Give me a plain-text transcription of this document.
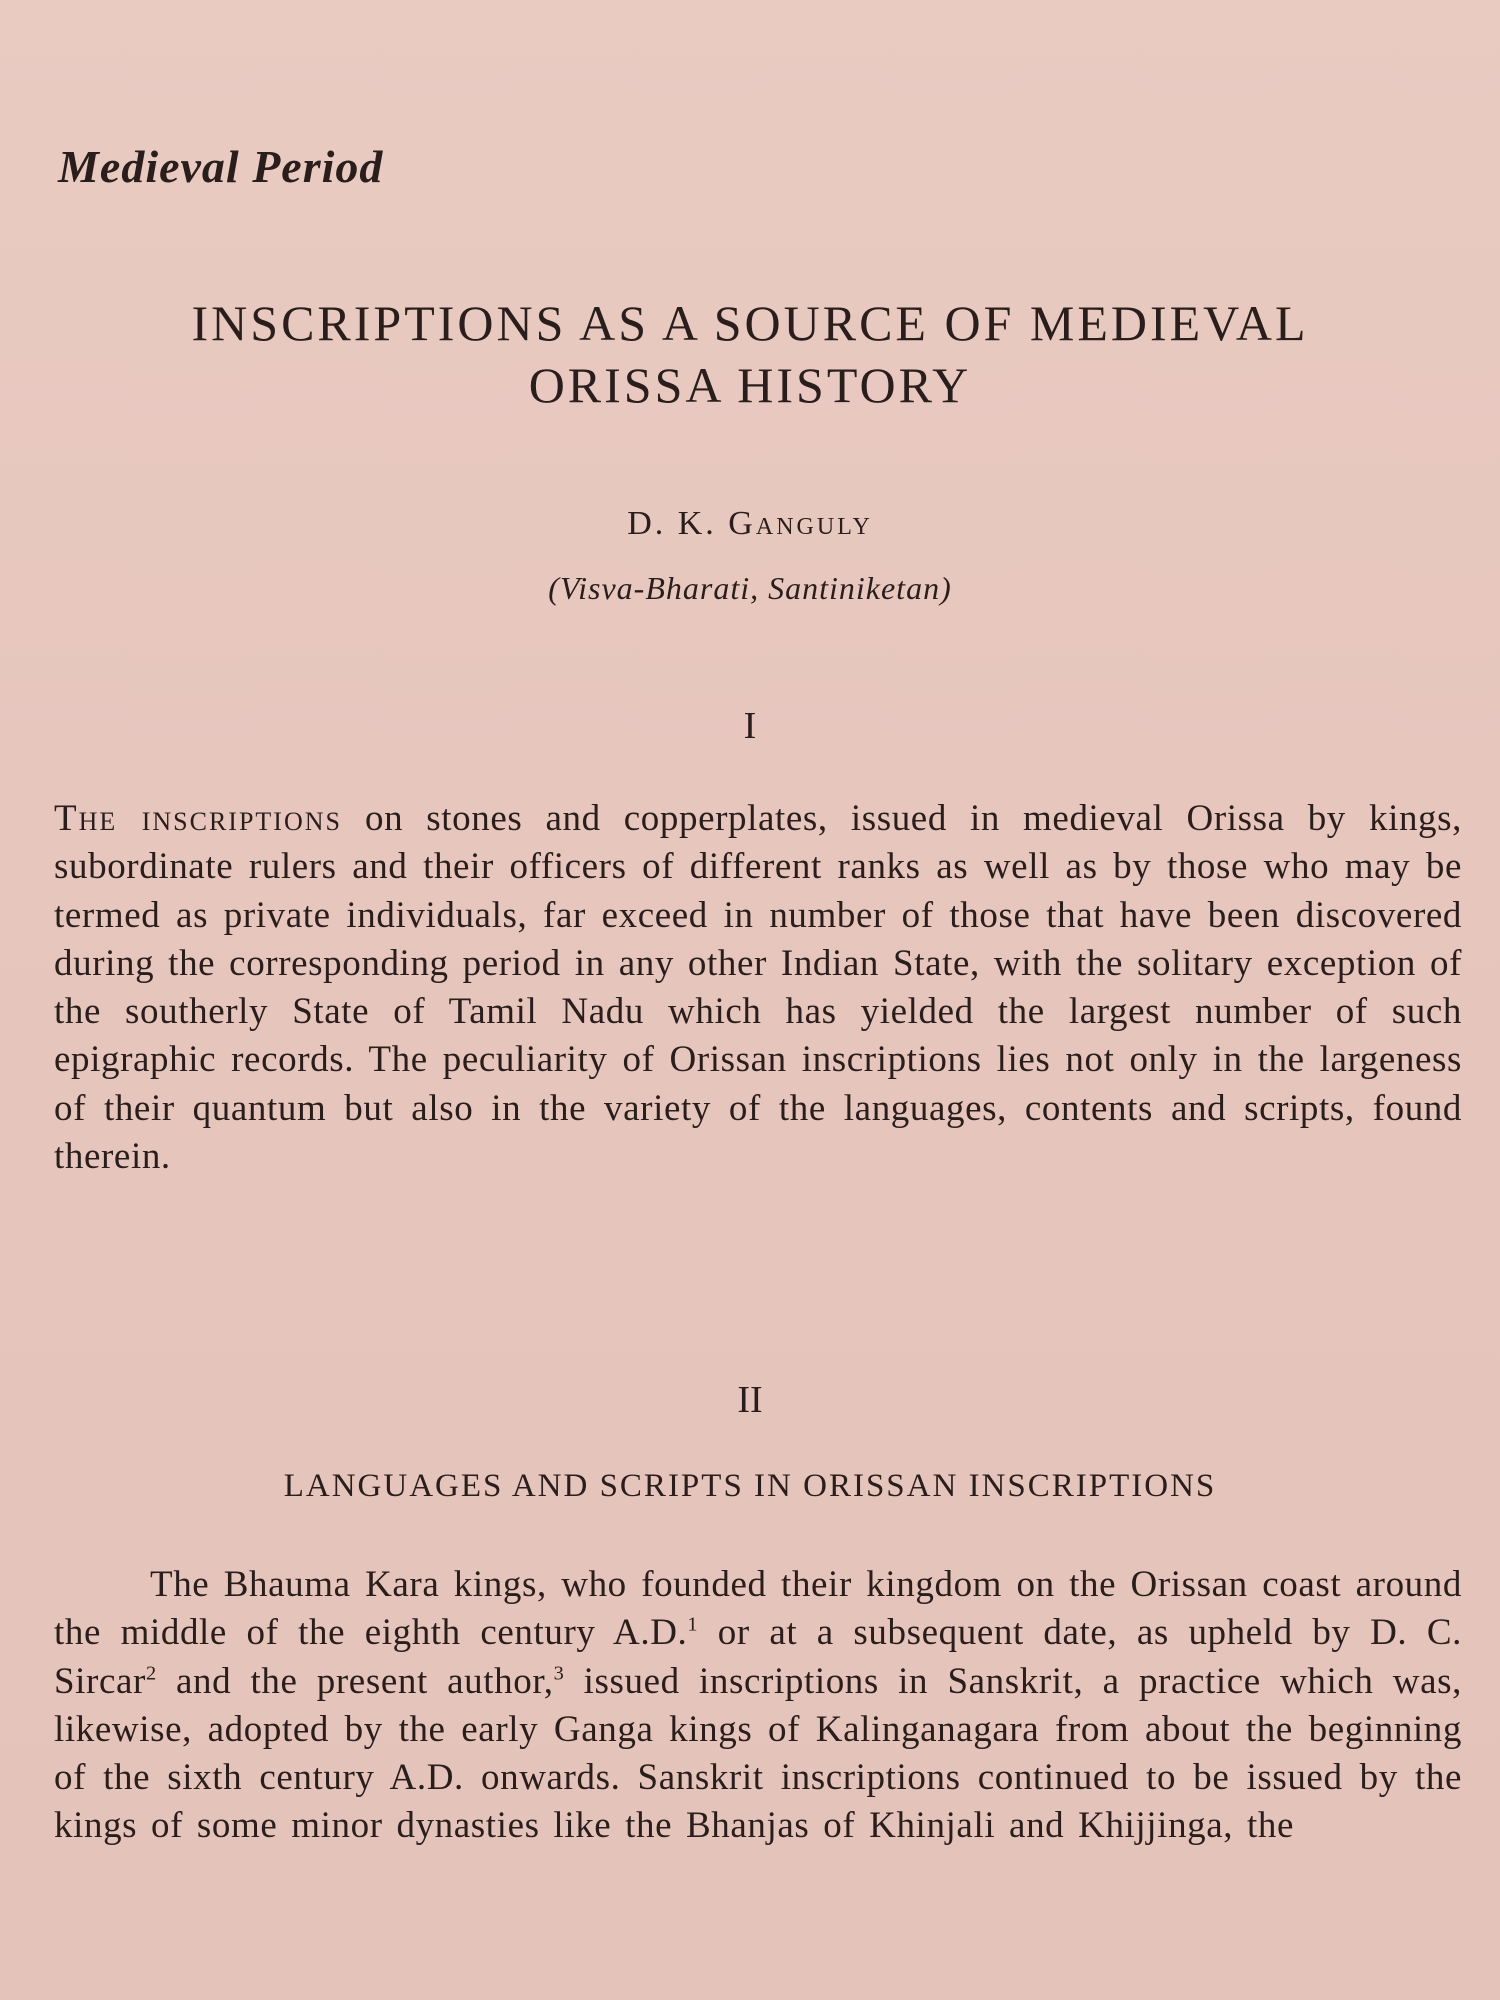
Medieval Period
INSCRIPTIONS AS A SOURCE OF MEDIEVAL
ORISSA HISTORY
D. K. Ganguly
(Visva-Bharati, Santiniketan)
I

The inscriptions on stones and copperplates, issued in medieval Orissa by kings, subordinate rulers and their officers of different ranks as well as by those who may be termed as private individuals, far exceed in number of those that have been discovered during the corresponding period in any other Indian State, with the solitary exception of the southerly State of Tamil Nadu which has yielded the largest number of such epigraphic records. The peculiarity of Orissan inscriptions lies not only in the largeness of their quantum but also in the variety of the languages, contents and scripts, found therein.

II
LANGUAGES AND SCRIPTS IN ORISSAN INSCRIPTIONS

The Bhauma Kara kings, who founded their kingdom on the Orissan coast around the middle of the eighth century A.D.$^1$ or at a subsequent date, as upheld by D. C. Sircar$^2$ and the present author,$^3$ issued inscriptions in Sanskrit, a practice which was, likewise, adopted by the early Ganga kings of Kalinganagara from about the beginning of the sixth century A.D. onwards. Sanskrit inscriptions continued to be issued by the kings of some minor dynasties like the Bhanjas of Khinjali and Khijjinga, the
